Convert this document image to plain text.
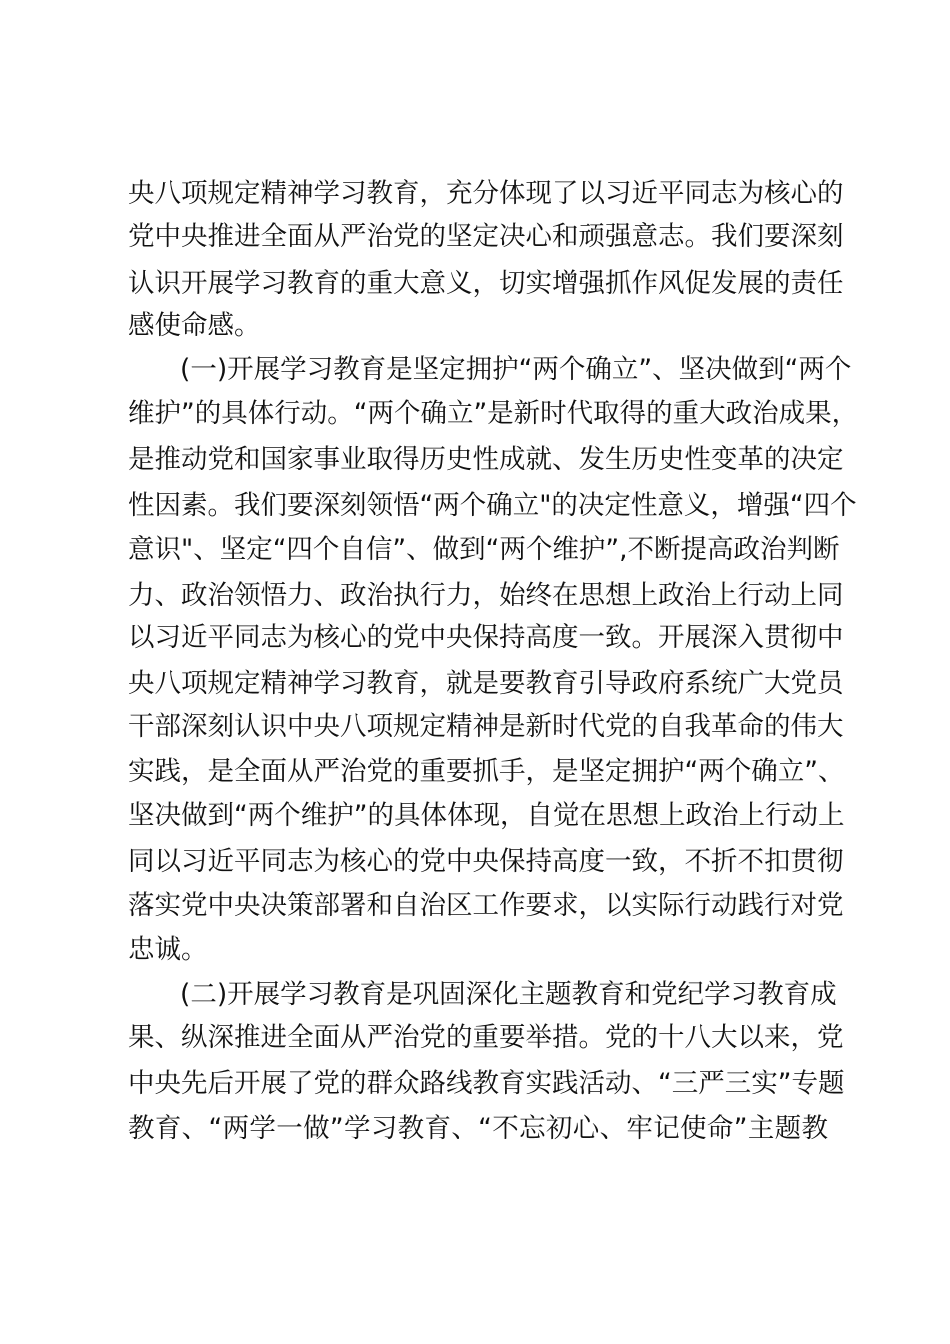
央八项规定精神学习教育，充分体现了以习近平同志为核心的
党中央推进全面从严治党的坚定决心和顽强意志。我们要深刻
认识开展学习教育的重大意义，切实增强抓作风促发展的责任
感使命感。
(一)开展学习教育是坚定拥护“两个确立”、坚决做到“两个
维护”的具体行动。“两个确立”是新时代取得的重大政治成果，
是推动党和国家事业取得历史性成就、发生历史性变革的决定
性因素。我们要深刻领悟“两个确立"的决定性意义，增强“四个
意识"、坚定“四个自信”、做到“两个维护”,不断提高政治判断
力、政治领悟力、政治执行力，始终在思想上政治上行动上同
以习近平同志为核心的党中央保持高度一致。开展深入贯彻中
央八项规定精神学习教育，就是要教育引导政府系统广大党员
干部深刻认识中央八项规定精神是新时代党的自我革命的伟大
实践，是全面从严治党的重要抓手，是坚定拥护“两个确立”、
坚决做到“两个维护”的具体体现，自觉在思想上政治上行动上
同以习近平同志为核心的党中央保持高度一致，不折不扣贯彻
落实党中央决策部署和自治区工作要求，以实际行动践行对党
忠诚。
(二)开展学习教育是巩固深化主题教育和党纪学习教育成
果、纵深推进全面从严治党的重要举措。党的十八大以来，党
中央先后开展了党的群众路线教育实践活动、“三严三实”专题
教育、“两学一做”学习教育、“不忘初心、牢记使命”主题教
